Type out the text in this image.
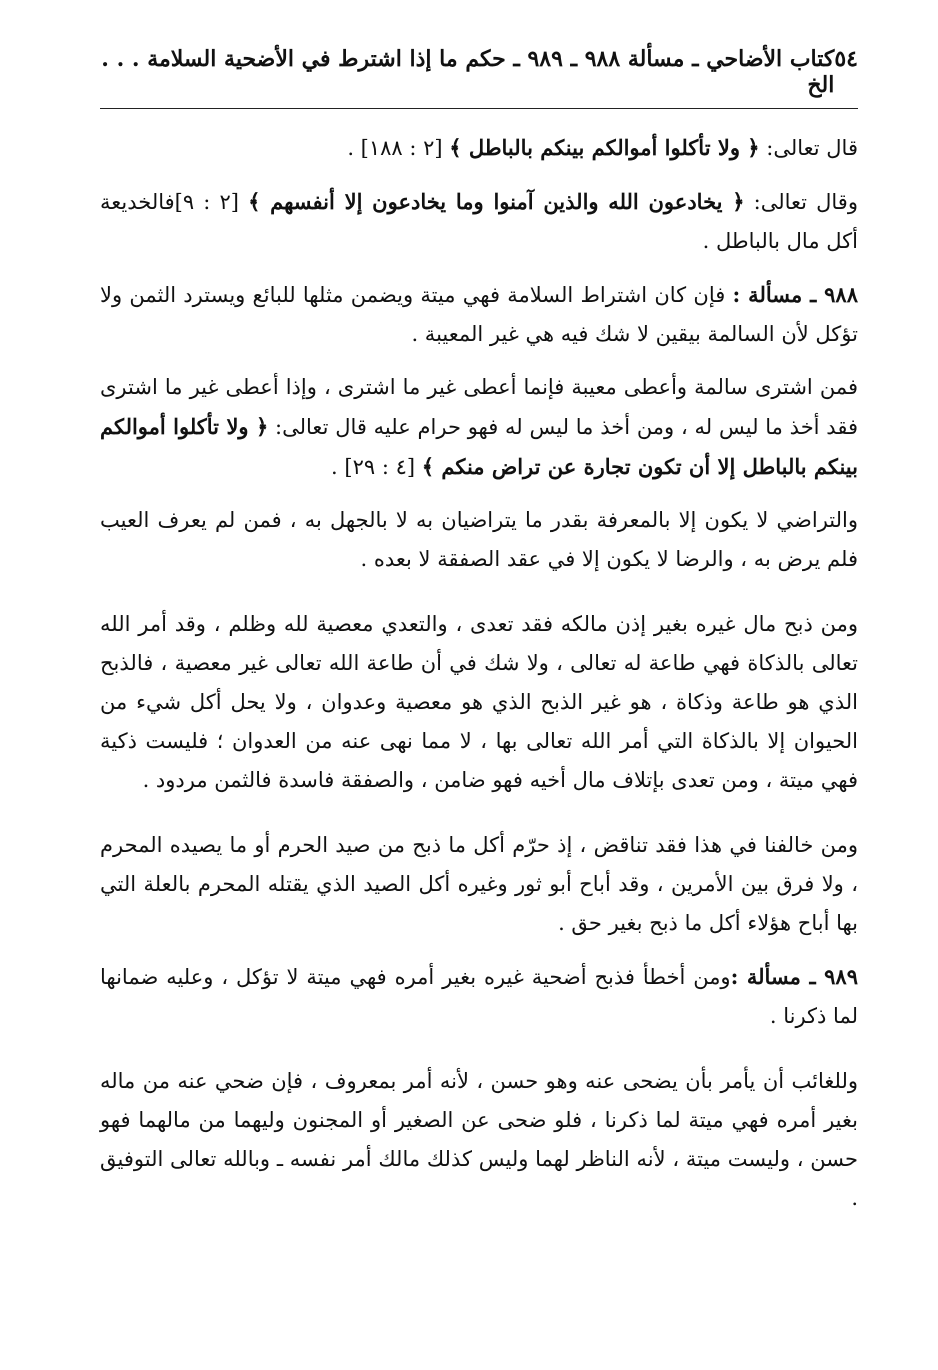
٥٤
كتاب الأضاحي ـ مسألة ٩٨٨ ـ ٩٨٩ ـ حكم ما إذا اشترط في الأضحية السلامة . . . الخ

قال تعالى: ﴿ ولا تأكلوا أموالكم بينكم بالباطل ﴾ [٢ : ١٨٨] .

وقال تعالى: ﴿ يخادعون الله والذين آمنوا وما يخادعون إلا أنفسهم ﴾ [٢ : ٩]فالخديعة أكل مال بالباطل .

٩٨٨ ـ مسألة : فإن كان اشتراط السلامة فهي ميتة ويضمن مثلها للبائع ويسترد الثمن ولا تؤكل لأن السالمة بيقين لا شك فيه هي غير المعيبة .

فمن اشترى سالمة وأعطى معيبة فإنما أعطى غير ما اشترى ، وإذا أعطى غير ما اشترى فقد أخذ ما ليس له ، ومن أخذ ما ليس له فهو حرام عليه قال تعالى: ﴿ ولا تأكلوا أموالكم بينكم بالباطل إلا أن تكون تجارة عن تراض منكم ﴾ [٤ : ٢٩] .

والتراضي لا يكون إلا بالمعرفة بقدر ما يتراضيان به لا بالجهل به ، فمن لم يعرف العيب فلم يرض به ، والرضا لا يكون إلا في عقد الصفقة لا بعده .

ومن ذبح مال غيره بغير إذن مالكه فقد تعدى ، والتعدي معصية لله وظلم ، وقد أمر الله تعالى بالذكاة فهي طاعة له تعالى ، ولا شك في أن طاعة الله تعالى غير معصية ، فالذبح الذي هو طاعة وذكاة ، هو غير الذبح الذي هو معصية وعدوان ، ولا يحل أكل شيء من الحيوان إلا بالذكاة التي أمر الله تعالى بها ، لا مما نهى عنه من العدوان ؛ فليست ذكية فهي ميتة ، ومن تعدى بإتلاف مال أخيه فهو ضامن ، والصفقة فاسدة فالثمن مردود .

ومن خالفنا في هذا فقد تناقض ، إذ حرّم أكل ما ذبح من صيد الحرم أو ما يصيده المحرم ، ولا فرق بين الأمرين ، وقد أباح أبو ثور وغيره أكل الصيد الذي يقتله المحرم بالعلة التي بها أباح هؤلاء أكل ما ذبح بغير حق .

٩٨٩ ـ مسألة :ومن أخطأ فذبح أضحية غيره بغير أمره فهي ميتة لا تؤكل ، وعليه ضمانها لما ذكرنا .

وللغائب أن يأمر بأن يضحى عنه وهو حسن ، لأنه أمر بمعروف ، فإن ضحي عنه من ماله بغير أمره فهي ميتة لما ذكرنا ، فلو ضحى عن الصغير أو المجنون وليهما من مالهما فهو حسن ، وليست ميتة ، لأنه الناظر لهما وليس كذلك مالك أمر نفسه ـ وبالله تعالى التوفيق .
